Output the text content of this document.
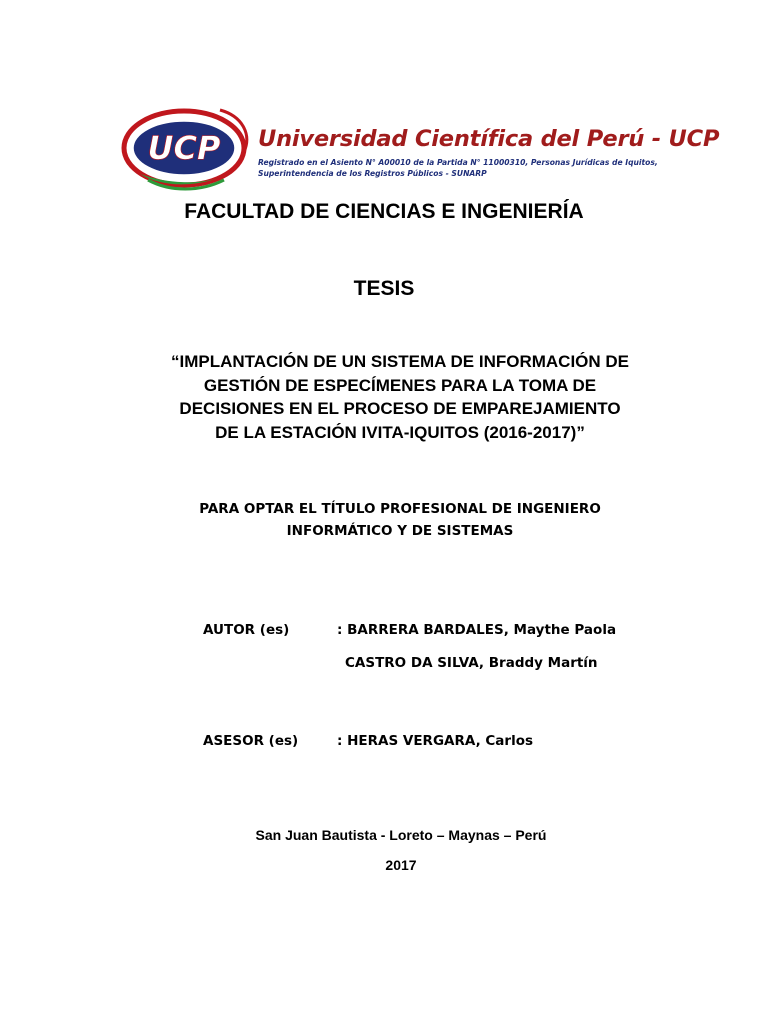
UCP Universidad Científica del Perú - UCP
Registrado en el Asiento N° A00010 de la Partida N° 11000310, Personas Jurídicas de Iquitos,
Superintendencia de los Registros Públicos - SUNARP
FACULTAD DE CIENCIAS E INGENIERÍA
TESIS
“IMPLANTACIÓN DE UN SISTEMA DE INFORMACIÓN DE
GESTIÓN DE ESPECÍMENES PARA LA TOMA DE
DECISIONES EN EL PROCESO DE EMPAREJAMIENTO
DE LA ESTACIÓN IVITA-IQUITOS (2016-2017)”
PARA OPTAR EL TÍTULO PROFESIONAL DE INGENIERO
INFORMÁTICO Y DE SISTEMAS
AUTOR (es)	: BARRERA BARDALES, Maythe Paola
CASTRO DA SILVA, Braddy Martín
ASESOR (es)	: HERAS VERGARA, Carlos
San Juan Bautista - Loreto – Maynas – Perú
2017
